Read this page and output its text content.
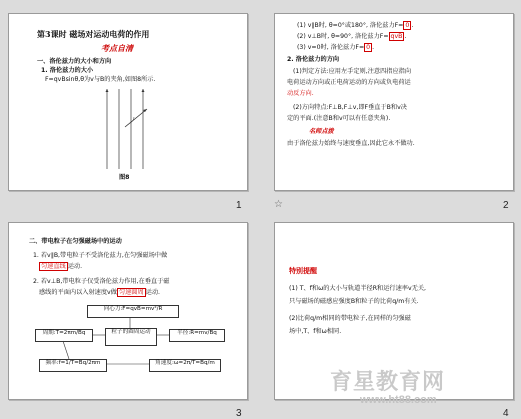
第3课时 磁场对运动电荷的作用
考点自清
一、洛伦兹力的大小和方向
1. 洛伦兹力的大小
F=qvBsinθ,θ为v与B的夹角,如图8所示.
图8
1
(1) v∥B时, θ=0°或180°, 洛伦兹力F= 0 .
(2) v⊥B时, θ=90°, 洛伦兹力F= qvB .
(3) v=0时, 洛伦兹力F= 0 .
2. 洛伦兹力的方向
(1)判定方法:应用左手定则,注意四指应指向
电荷运动方向或正电荷运动的方向或负电荷运
动反方向.
(2)方向特点:F⊥B,F⊥v,即F垂直于B和v决
定的平面.(注意B和v可以有任意夹角).
名师点拨
由于洛伦兹力始终与速度垂直,因此它永不做功.
☆	2
二、带电粒子在匀强磁场中的运动
1. 若v∥B,带电粒子不受洛伦兹力,在匀强磁场中做
匀速直线 运动.
2. 若v⊥B,带电粒子仅受洛伦兹力作用,在垂直于磁
感线的平面内以入射速度v做 匀速圆周 运动.
向心力:F=qvB=mv²/R
粒子的圆周运动
周期:T=2πm/Bq	半径:R=mv/Bq
频率:f=1/T=Bq/2πm	角速度:ω=2π/T=Bq/m
3
特别提醒
(1) T、f和ω的大小与轨道半径R和运行速率v无关,
只与磁场的磁感应强度B和粒子的比荷q/m有关.
(2)比荷q/m相同的带电粒子,在同样的匀强磁
场中,T、f和ω相同.
4
育星教育网
www.ht88.com
